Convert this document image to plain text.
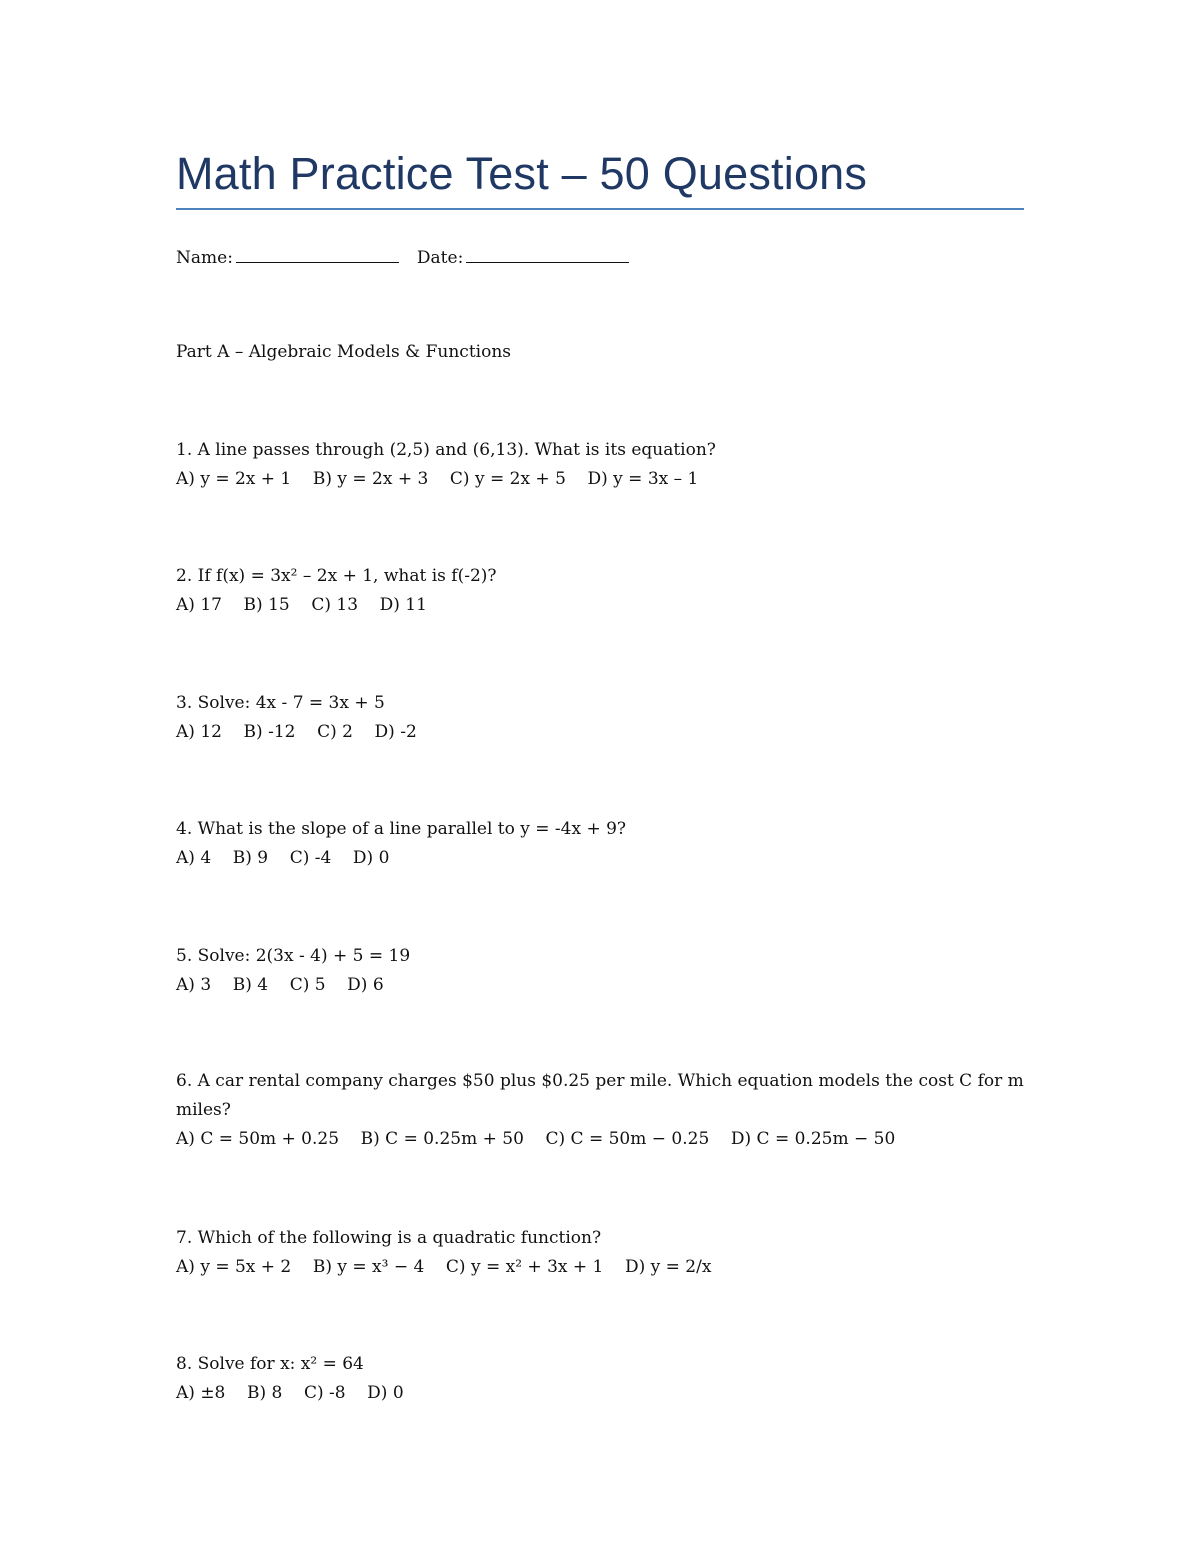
Math Practice Test – 50 Questions
Name:	Date:
Part A – Algebraic Models & Functions

1. A line passes through (2,5) and (6,13). What is its equation?

A) y = 2x + 1    B) y = 2x + 3    C) y = 2x + 5    D) y = 3x – 1

2. If f(x) = 3x² – 2x + 1, what is f(-2)?

A) 17    B) 15    C) 13    D) 11

3. Solve: 4x - 7 = 3x + 5

A) 12    B) -12    C) 2    D) -2

4. What is the slope of a line parallel to y = -4x + 9?

A) 4    B) 9    C) -4    D) 0

5. Solve: 2(3x - 4) + 5 = 19

A) 3    B) 4    C) 5    D) 6

6. A car rental company charges $50 plus $0.25 per mile. Which equation models the cost C for m miles?

A) C = 50m + 0.25    B) C = 0.25m + 50    C) C = 50m − 0.25    D) C = 0.25m − 50

7. Which of the following is a quadratic function?

A) y = 5x + 2    B) y = x³ − 4    C) y = x² + 3x + 1    D) y = 2/x

8. Solve for x: x² = 64

A) ±8    B) 8    C) -8    D) 0
